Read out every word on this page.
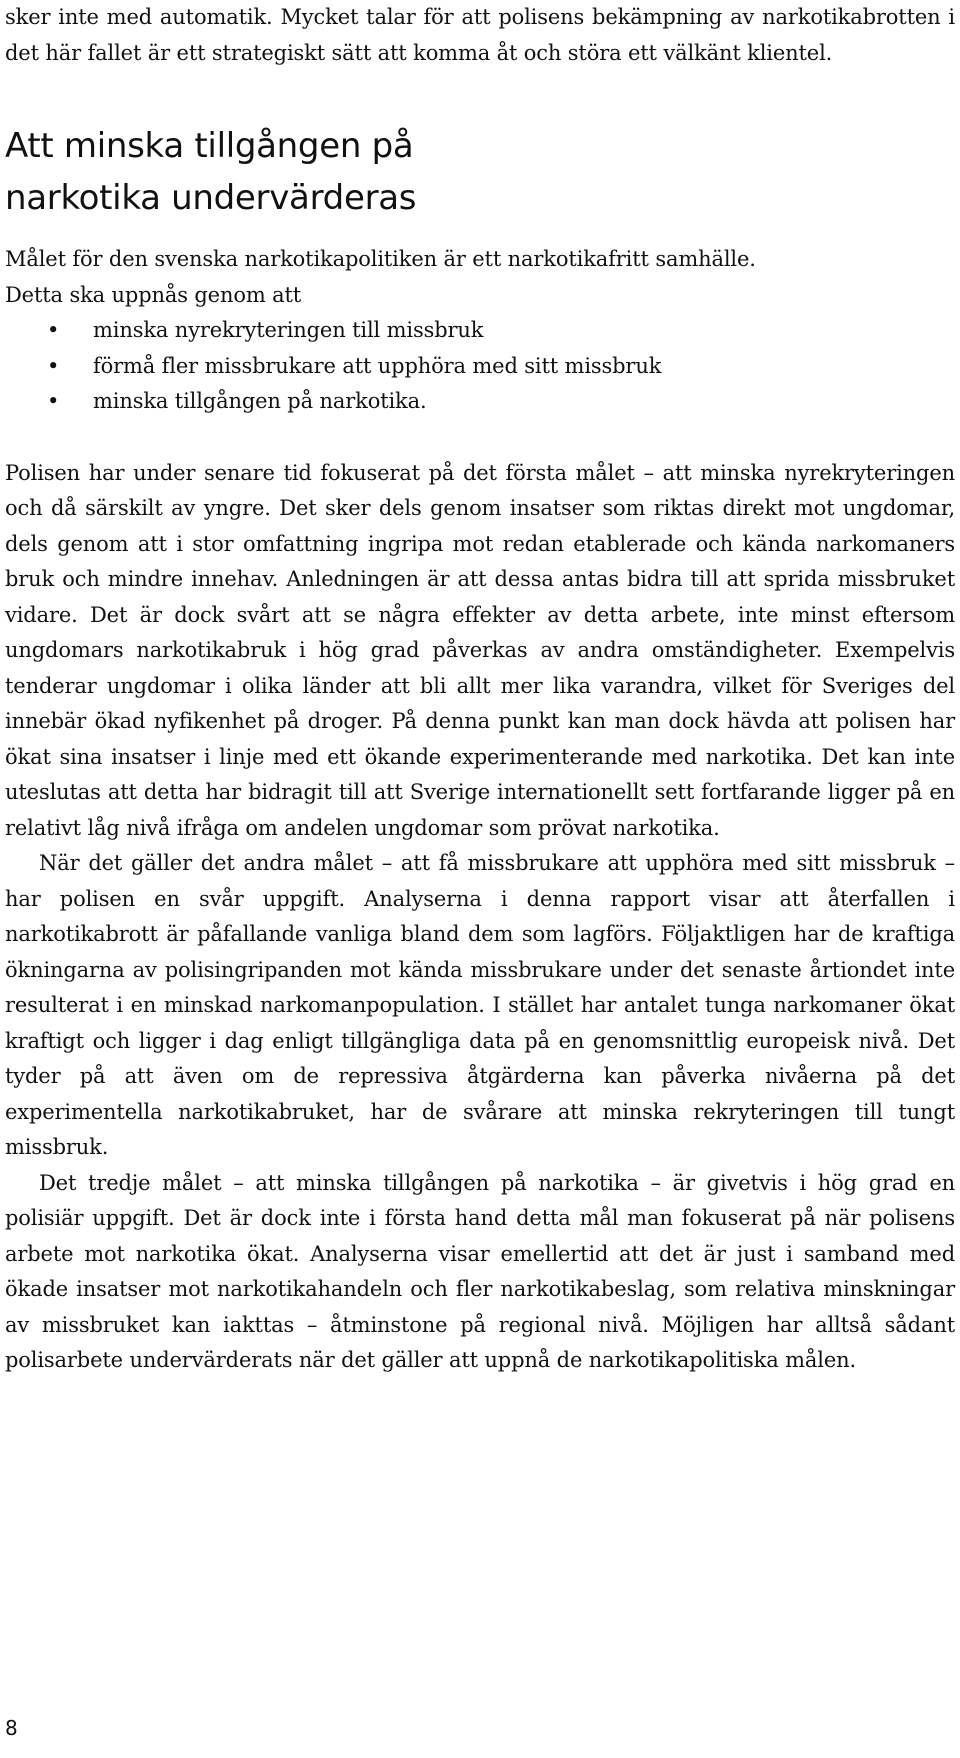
sker inte med automatik. Mycket talar för att polisens bekämpning av narkotikabrotten i det här fallet är ett strategiskt sätt att komma åt och störa ett välkänt klientel.

Att minska tillgången på
narkotika undervärderas

Målet för den svenska narkotikapolitiken är ett narkotikafritt samhälle.
Detta ska uppnås genom att

• minska nyrekryteringen till missbruk
• förmå fler missbrukare att upphöra med sitt missbruk
• minska tillgången på narkotika.

Polisen har under senare tid fokuserat på det första målet – att minska nyrekryteringen och då särskilt av yngre. Det sker dels genom insatser som riktas direkt mot ungdomar, dels genom att i stor omfattning ingripa mot redan etablerade och kända narkomaners bruk och mindre innehav. Anledningen är att dessa antas bidra till att sprida missbruket vidare. Det är dock svårt att se några effekter av detta arbete, inte minst eftersom ungdomars narkotikabruk i hög grad påverkas av andra omständigheter. Exempelvis tenderar ungdomar i olika länder att bli allt mer lika varandra, vilket för Sveriges del innebär ökad nyfikenhet på droger. På denna punkt kan man dock hävda att polisen har ökat sina insatser i linje med ett ökande experimenterande med narkotika. Det kan inte uteslutas att detta har bidragit till att Sverige internationellt sett fortfarande ligger på en relativt låg nivå ifråga om andelen ungdomar som prövat narkotika.

När det gäller det andra målet – att få missbrukare att upphöra med sitt missbruk – har polisen en svår uppgift. Analyserna i denna rapport visar att återfallen i narkotikabrott är påfallande vanliga bland dem som lagförs. Följaktligen har de kraftiga ökningarna av polisingripanden mot kända missbrukare under det senaste årtiondet inte resulterat i en minskad narkomanpopulation. I stället har antalet tunga narkomaner ökat kraftigt och ligger i dag enligt tillgängliga data på en genomsnittlig europeisk nivå. Det tyder på att även om de repressiva åtgärderna kan påverka nivåerna på det experimentella narkotikabruket, har de svårare att minska rekryteringen till tungt missbruk.

Det tredje målet – att minska tillgången på narkotika – är givetvis i hög grad en polisiär uppgift. Det är dock inte i första hand detta mål man fokuserat på när polisens arbete mot narkotika ökat. Analyserna visar emellertid att det är just i samband med ökade insatser mot narkotikahandeln och fler narkotikabeslag, som relativa minskningar av missbruket kan iakttas – åtminstone på regional nivå. Möjligen har alltså sådant polisarbete undervärderats när det gäller att uppnå de narkotikapolitiska målen.

8
